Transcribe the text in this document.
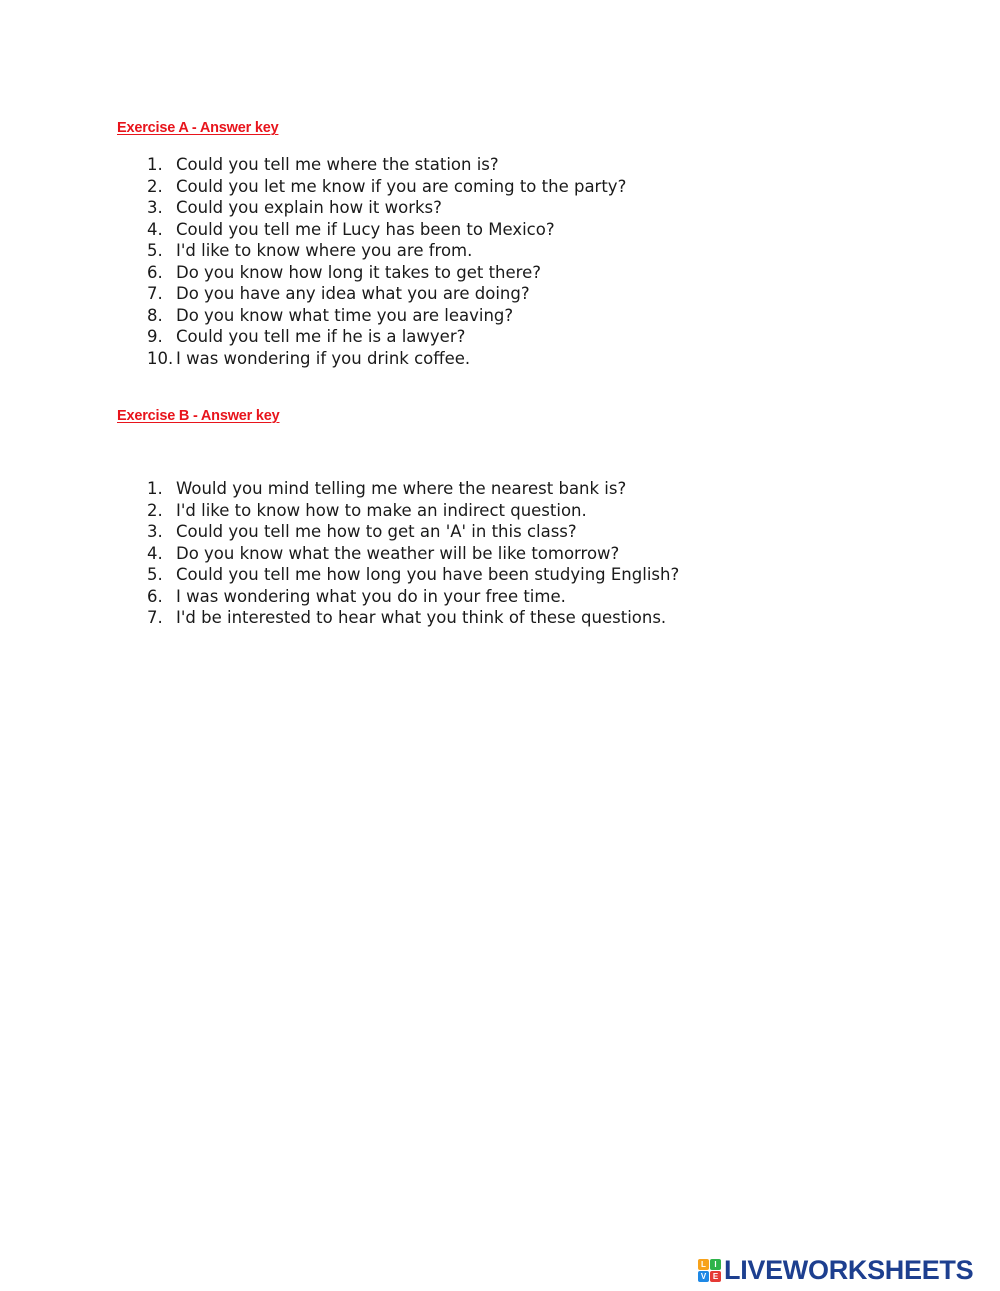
Exercise A - Answer key
1. Could you tell me where the station is?
2. Could you let me know if you are coming to the party?
3. Could you explain how it works?
4. Could you tell me if Lucy has been to Mexico?
5. I'd like to know where you are from.
6. Do you know how long it takes to get there?
7. Do you have any idea what you are doing?
8. Do you know what time you are leaving?
9. Could you tell me if he is a lawyer?
10. I was wondering if you drink coffee.
Exercise B - Answer key
1. Would you mind telling me where the nearest bank is?
2. I'd like to know how to make an indirect question.
3. Could you tell me how to get an 'A' in this class?
4. Do you know what the weather will be like tomorrow?
5. Could you tell me how long you have been studying English?
6. I was wondering what you do in your free time.
7. I'd be interested to hear what you think of these questions.
L	I
V E LIVEWORKSHEETS
